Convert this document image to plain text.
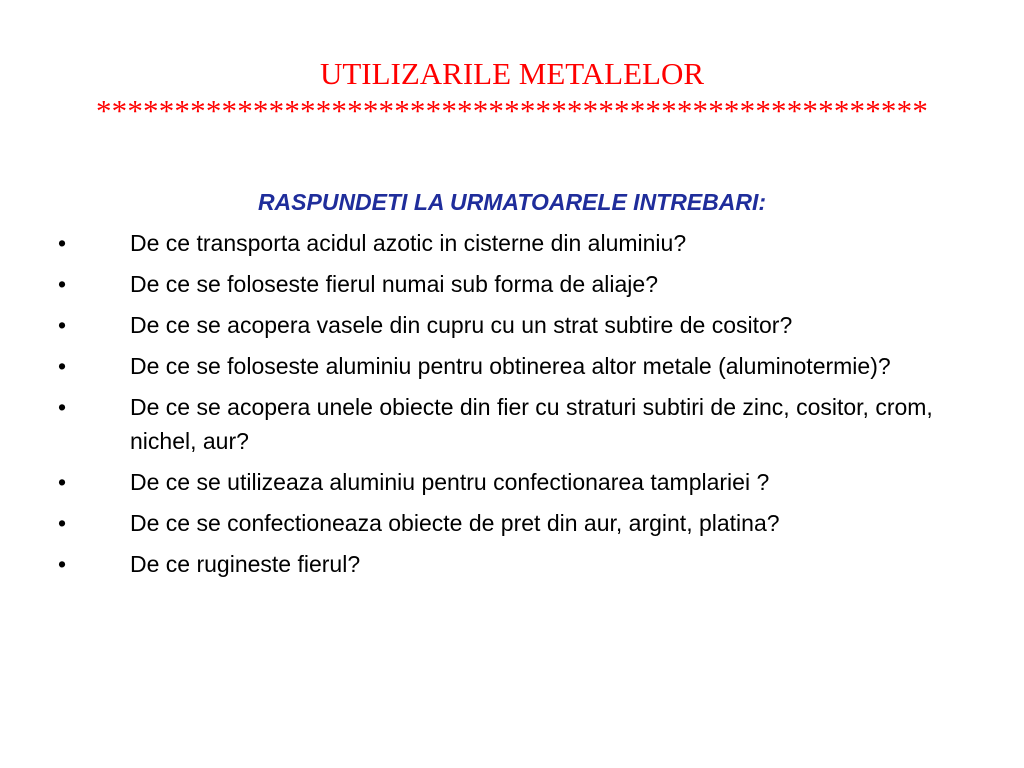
UTILIZARILE METALELOR
*****************************************************
RASPUNDETI LA URMATOARELE INTREBARI:
•	De ce transporta acidul azotic in cisterne din aluminiu?
•	De ce se foloseste fierul numai sub forma de aliaje?
•	De ce se acopera vasele din cupru cu un strat subtire de cositor?
•	De ce se foloseste aluminiu pentru obtinerea altor metale (aluminotermie)?
•	De ce se acopera unele obiecte din fier cu straturi subtiri de zinc, cositor, crom, nichel, aur?
•	De ce se utilizeaza aluminiu pentru confectionarea tamplariei ?
•	De ce se confectioneaza obiecte de pret din aur, argint, platina?
•	De ce rugineste fierul?
